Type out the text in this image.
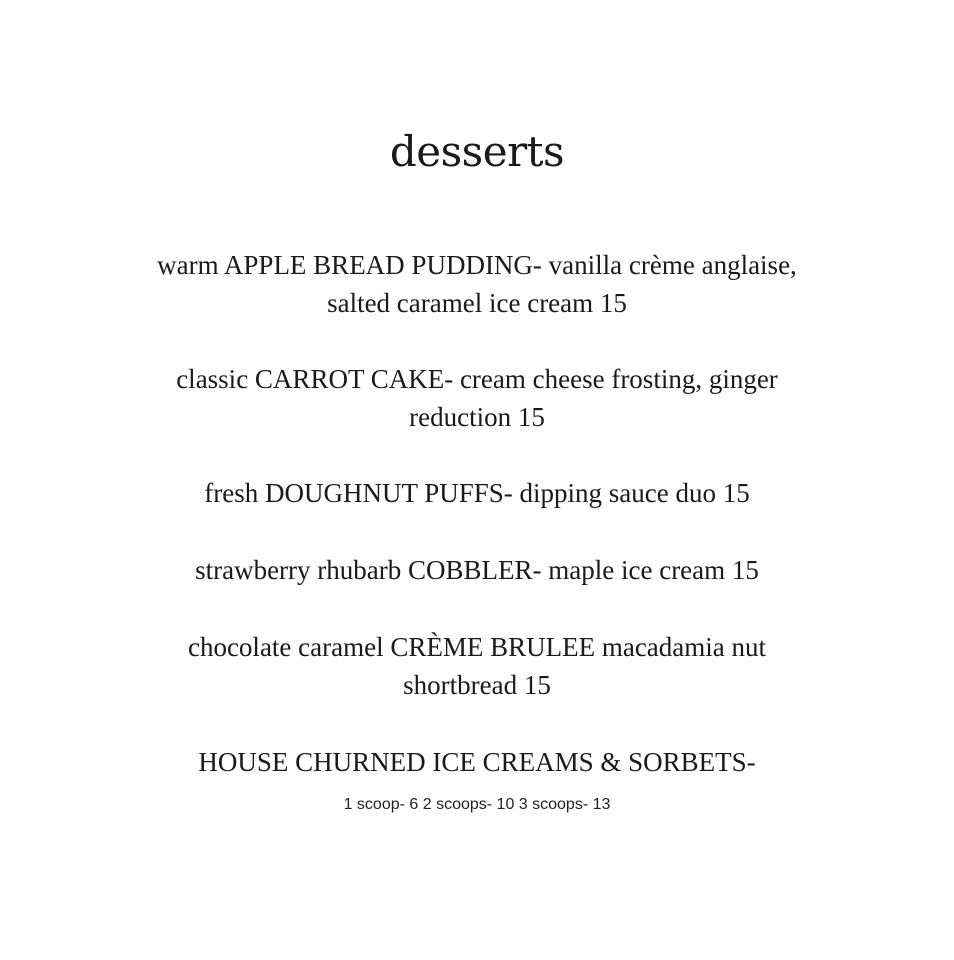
desserts

warm APPLE BREAD PUDDING- vanilla crème anglaise,
salted caramel ice cream 15

classic CARROT CAKE- cream cheese frosting, ginger
reduction 15

fresh DOUGHNUT PUFFS- dipping sauce duo 15

strawberry rhubarb COBBLER- maple ice cream 15

chocolate caramel CRÈME BRULEE macadamia nut
shortbread 15

HOUSE CHURNED ICE CREAMS & SORBETS-

1 scoop- 6 2 scoops- 10 3 scoops- 13
